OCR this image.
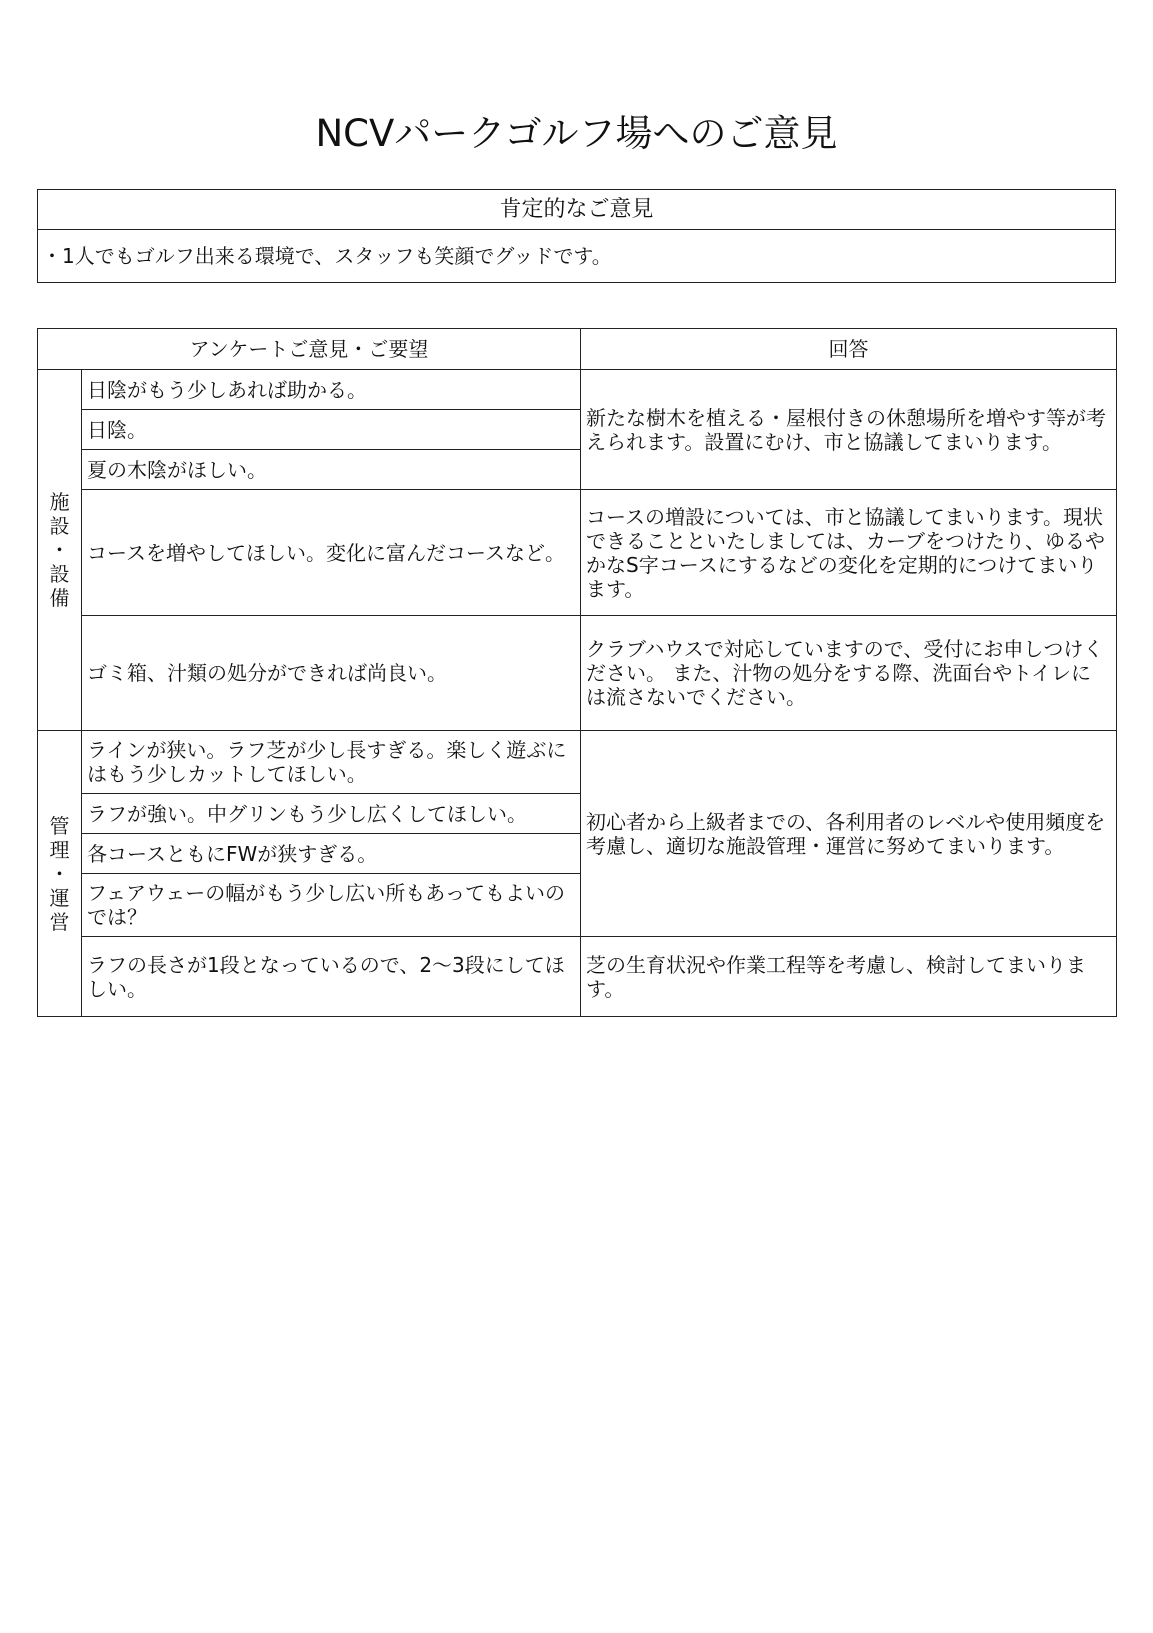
NCVパークゴルフ場へのご意見
肯定的なご意見
・1人でもゴルフ出来る環境で、スタッフも笑顔でグッドです。
アンケートご意見・ご要望		回答

施
設
・
設
備	日陰がもう少しあれば助かる。	新たな樹木を植える・屋根付きの休憩場所を増やす等が考えられます。設置にむけ、市と協議してまいります。
	日陰。	
	夏の木陰がほしい。	
	コースを増やしてほしい。変化に富んだコースなど。	コースの増設については、市と協議してまいります。現状できることといたしましては、カーブをつけたり、ゆるやかなS字コースにするなどの変化を定期的につけてまいります。
	ゴミ箱、汁類の処分ができれば尚良い。	クラブハウスで対応していますので、受付にお申しつけください。 また、汁物の処分をする際、洗面台やトイレには流さないでください。

管
理
・
運
営	ラインが狭い。ラフ芝が少し長すぎる。楽しく遊ぶにはもう少しカットしてほしい。	初心者から上級者までの、各利用者のレベルや使用頻度を考慮し、適切な施設管理・運営に努めてまいります。
	ラフが強い。中グリンもう少し広くしてほしい。	
	各コースともにFWが狭すぎる。	
	フェアウェーの幅がもう少し広い所もあってもよいのでは？	
	ラフの長さが1段となっているので、2～3段にしてほしい。	芝の生育状況や作業工程等を考慮し、検討してまいります。
